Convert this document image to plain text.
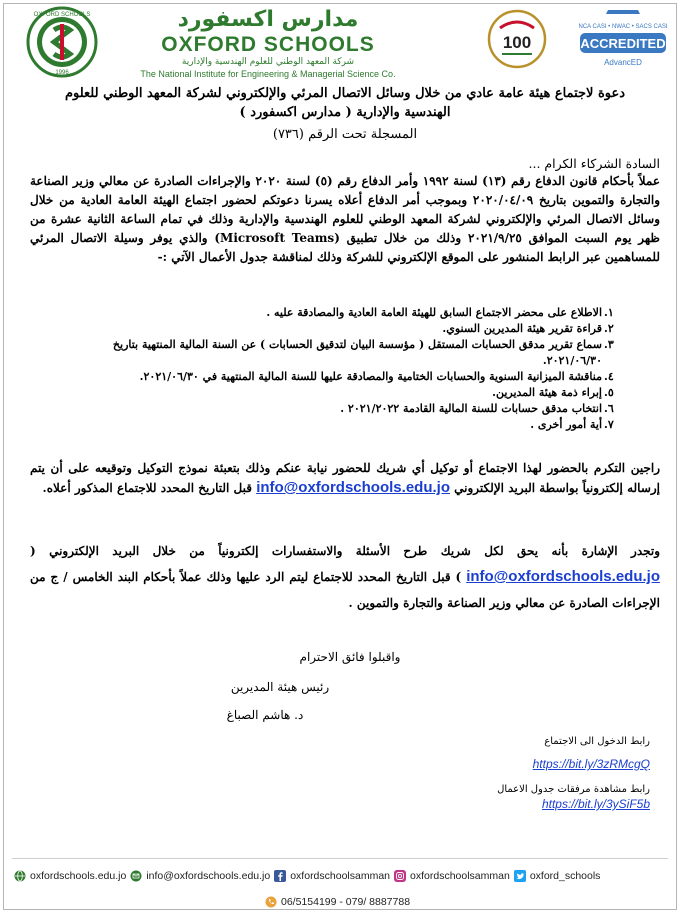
OXFORD SCHOOLS
1996
مدارس اكسفورد
OXFORD SCHOOLS
شركة المعهد الوطني للعلوم الهندسية والإدارية
The National Institute for Engineering & Managerial Science Co.
100
NCA CASI • NWAC • SACS CASI
ACCREDITED
AdvancED
دعوة لاجتماع هيئة عامة عادي من خلال وسائل الاتصال المرئي والإلكتروني لشركة المعهد الوطني للعلوم
الهندسية والإدارية ( مدارس اكسفورد )
المسجلة تحت الرقم (٧٣٦)
السادة الشركاء الكرام ...
عملاً بأحكام قانون الدفاع رقم (١٣) لسنة ١٩٩٢ وأمر الدفاع رقم (٥) لسنة ٢٠٢٠ والإجراءات الصادرة عن معالي وزير الصناعة والتجارة والتموين بتاريخ ٢٠٢٠/٠٤/٠٩ وبموجب أمر الدفاع أعلاه يسرنا دعوتكم لحضور اجتماع الهيئة العامة العادية من خلال وسائل الاتصال المرئي والإلكتروني لشركة المعهد الوطني للعلوم الهندسية والإدارية وذلك في تمام الساعة الثانية عشرة من ظهر يوم السبت الموافق ٢٠٢١/٩/٢٥ وذلك من خلال تطبيق (Microsoft Teams) والذي يوفر وسيلة الاتصال المرئي للمساهمين عبر الرابط المنشور على الموقع الإلكتروني للشركة وذلك لمناقشة جدول الأعمال الآتي :-
١.
الاطلاع على محضر الاجتماع السابق للهيئة العامة العادية والمصادقة عليه .
٢.
قراءة تقرير هيئة المديرين السنوي.
٣.
سماع تقرير مدقق الحسابات المستقل ( مؤسسة البيان لتدقيق الحسابات ) عن السنة المالية المنتهية بتاريخ ٢٠٢١/٠٦/٣٠.
٤.
مناقشة الميزانية السنوية والحسابات الختامية والمصادقة عليها للسنة المالية المنتهية في ٢٠٢١/٠٦/٣٠.
٥.
إبراء ذمة هيئة المديرين.
٦.
انتخاب مدقق حسابات للسنة المالية القادمة ٢٠٢١/٢٠٢٢ .
٧.
أية أمور أخرى .
راجين التكرم بالحضور لهذا الاجتماع أو توكيل أي شريك للحضور نيابة عنكم وذلك بتعبئة نموذج التوكيل وتوقيعه على أن يتم إرساله إلكترونياً بواسطة البريد الإلكتروني info@oxfordschools.edu.jo قبل التاريخ المحدد للاجتماع المذكور أعلاه.
وتجدر الإشارة بأنه يحق لكل شريك طرح الأسئلة والاستفسارات إلكترونياً من خلال البريد الإلكتروني ( info@oxfordschools.edu.jo ) قبل التاريخ المحدد للاجتماع ليتم الرد عليها وذلك عملاً بأحكام البند الخامس / ج من الإجراءات الصادرة عن معالي وزير الصناعة والتجارة والتموين .
واقبلوا فائق الاحترام
رئيس هيئة المديرين
د. هاشم الصباغ
رابط الدخول الى الاجتماع
https://bit.ly/3zRMcgQ
رابط مشاهدة مرفقات جدول الاعمال
https://bit.ly/3ySiF5b
oxfordschools.edu.jo info@oxfordschools.edu.jo oxfordschoolsamman oxfordschoolsamman oxford_schools
06/5154199 - 079/ 8887788
